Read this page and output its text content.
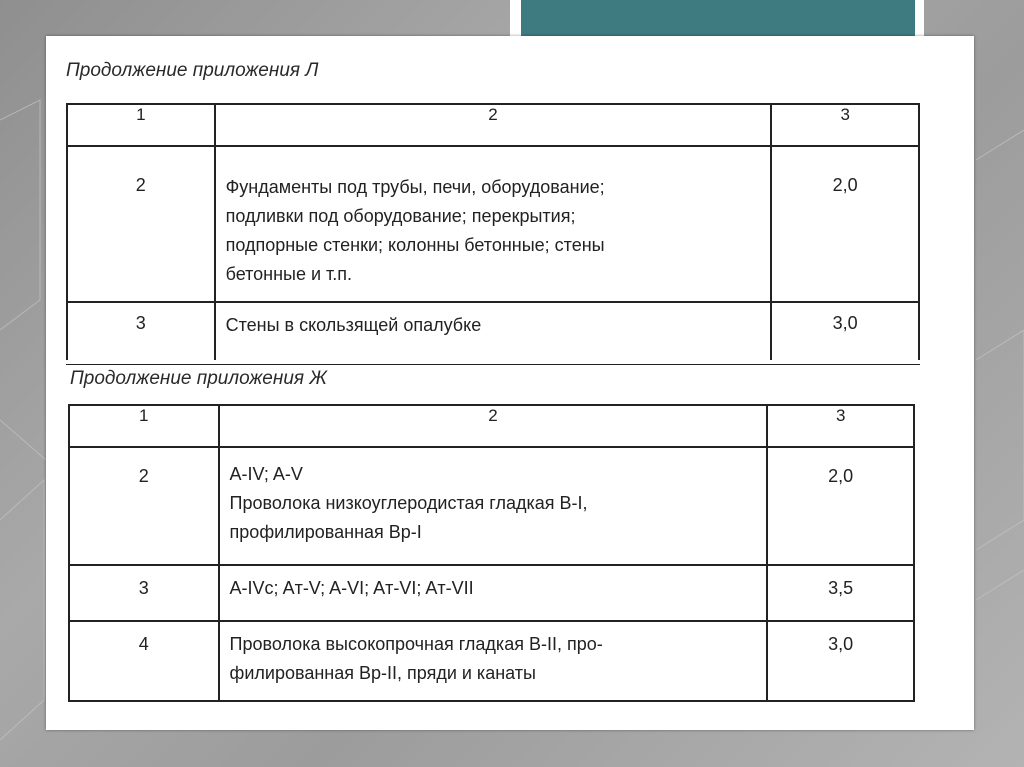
Продолжение приложения Л
1	2	3
2	Фундаменты под трубы, печи, оборудование;
подливки под оборудование; перекрытия;
подпорные стенки; колонны бетонные; стены
бетонные и т.п.	2,0
3	Стены в скользящей опалубке	3,0
Продолжение приложения Ж
1	2	3
2	A-IV; A-V
Проволока низкоуглеродистая гладкая В-I,
профилированная Вр-I	2,0
3	A-IVc; Aт-V; A-VI; Aт-VI; Aт-VII	3,5
4	Проволока высокопрочная гладкая В-II, про-
филированная Вр-II, пряди и канаты	3,0
